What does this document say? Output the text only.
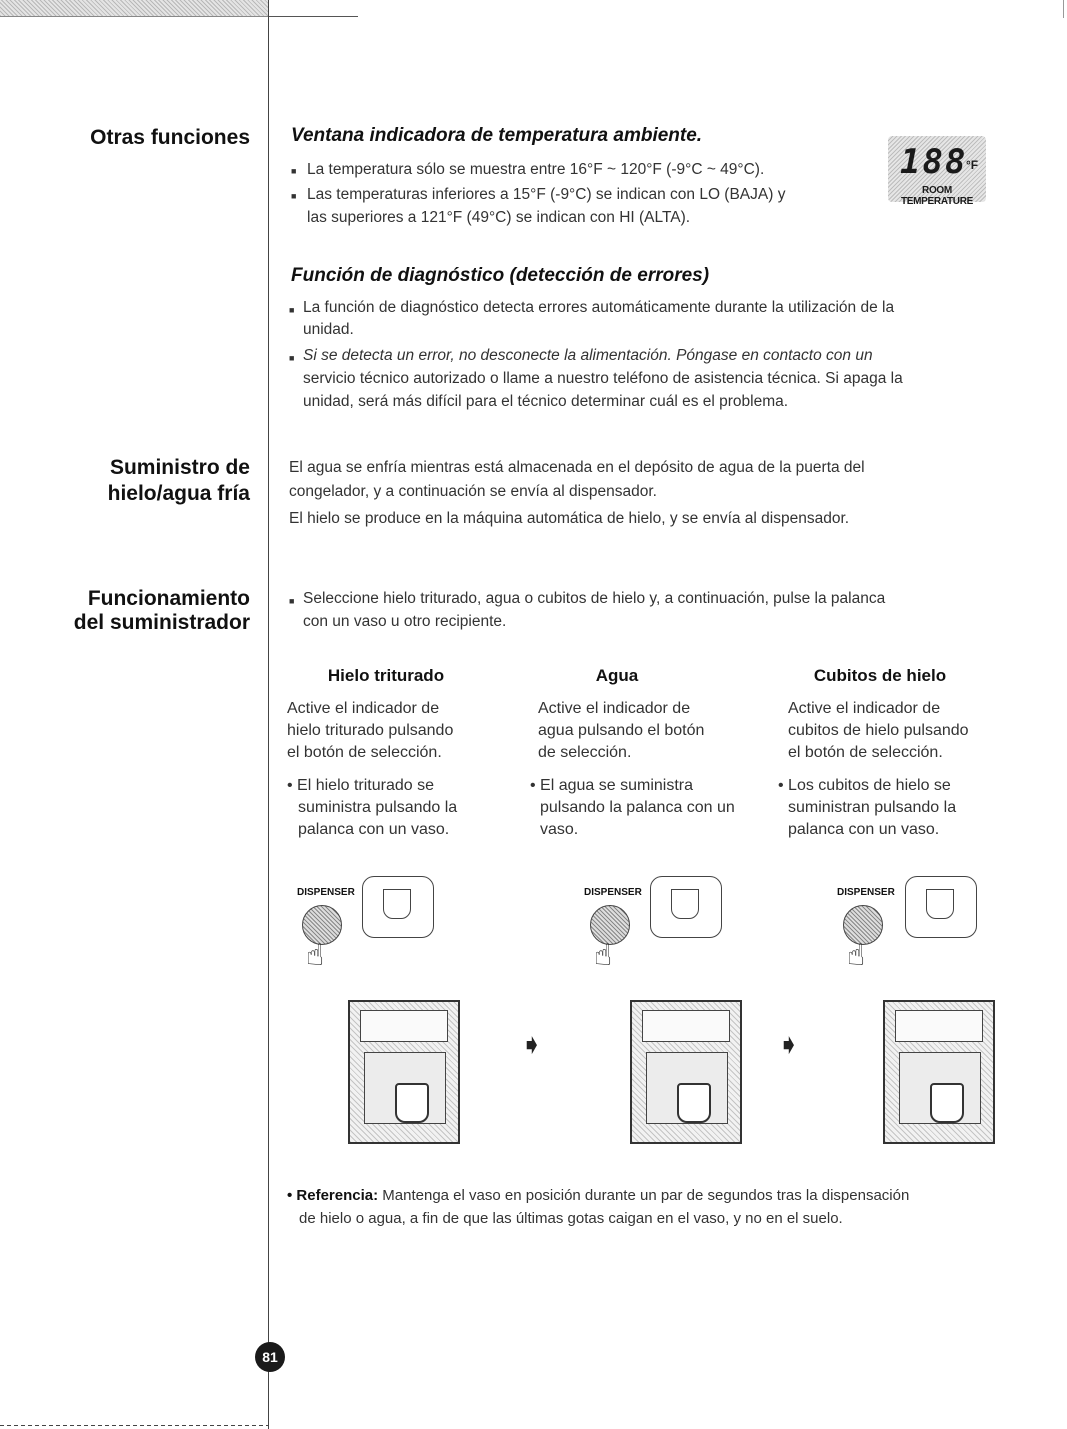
Otras funciones
Suministro de
hielo/agua fría
Funcionamiento
del suministrador
Ventana indicadora de temperatura ambiente.
■ La temperatura sólo se muestra entre 16°F ~ 120°F (-9°C ~ 49°C).
■ Las temperaturas inferiores a 15°F (-9°C) se indican con LO (BAJA) y
las superiores a 121°F (49°C) se indican con HI (ALTA).
188
°F
ROOM TEMPERATURE
Función de diagnóstico (detección de errores)
■ La función de diagnóstico detecta errores automáticamente durante la utilización de la
unidad.
■ Si se detecta un error, no desconecte la alimentación. Póngase en contacto con un
servicio técnico autorizado o llame a nuestro teléfono de asistencia técnica. Si apaga la
unidad, será más difícil para el técnico determinar cuál es el problema.
El agua se enfría mientras está almacenada en el depósito de agua de la puerta del
congelador, y a continuación se envía al dispensador.
El hielo se produce en la máquina automática de hielo, y se envía al dispensador.
■ Seleccione hielo triturado, agua o cubitos de hielo y, a continuación, pulse la palanca
con un vaso u otro recipiente.
Hielo triturado
Active el indicador de
hielo triturado pulsando
el botón de selección.
• El hielo triturado se
suministra pulsando la
palanca con un vaso.
Agua
Active el indicador de
agua pulsando el botón
de selección.
• El agua se suministra
pulsando la palanca con un
vaso.
Cubitos de hielo
Active el indicador de
cubitos de hielo pulsando
el botón de selección.
• Los cubitos de hielo se
suministran pulsando la
palanca con un vaso.
DISPENSER
☝
DISPENSER
☝
DISPENSER
☝
➧	➧
• Referencia: Mantenga el vaso en posición durante un par de segundos tras la dispensación
de hielo o agua, a fin de que las últimas gotas caigan en el vaso, y no en el suelo.
81
